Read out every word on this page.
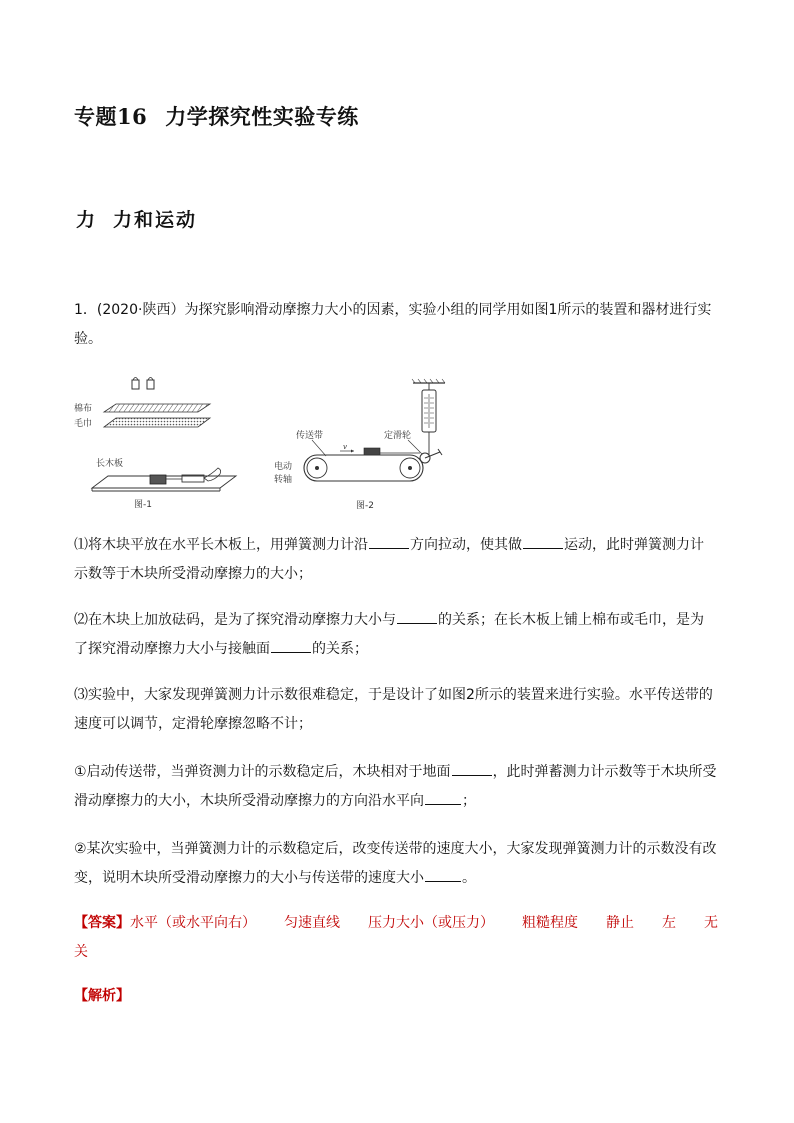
专题16 力学探究性实验专练
力 力和运动
1．(2020·陕西）为探究影响滑动摩擦力大小的因素，实验小组的同学用如图1所示的装置和器材进行实
验。
棉布
毛巾
长木板
图-1
v
传送带	定滑轮
电动
转轴
图-2
⑴将木块平放在水平长木板上，用弹簧测力计沿	方向拉动，使其做	运动，此时弹簧测力计
示数等于木块所受滑动摩擦力的大小；
⑵在木块上加放砝码，是为了探究滑动摩擦力大小与	的关系；在长木板上铺上棉布或毛巾，是为
了探究滑动摩擦力大小与接触面	的关系；
⑶实验中，大家发现弹簧测力计示数很难稳定，于是设计了如图2所示的装置来进行实验。水平传送带的
速度可以调节，定滑轮摩擦忽略不计；
①启动传送带，当弹资测力计的示数稳定后，木块相对于地面	，此时弹蓄测力计示数等于木块所受
滑动摩擦力的大小，木块所受滑动摩擦力的方向沿水平向	；
②某次实验中，当弹簧测力计的示数稳定后，改变传送带的速度大小，大家发现弹簧测力计的示数没有改
变，说明木块所受滑动摩擦力的大小与传送带的速度大小	。
【答案】水平（或水平向右） 匀速直线 压力大小（或压力） 粗糙程度 静止 左 无
关
【解析】
